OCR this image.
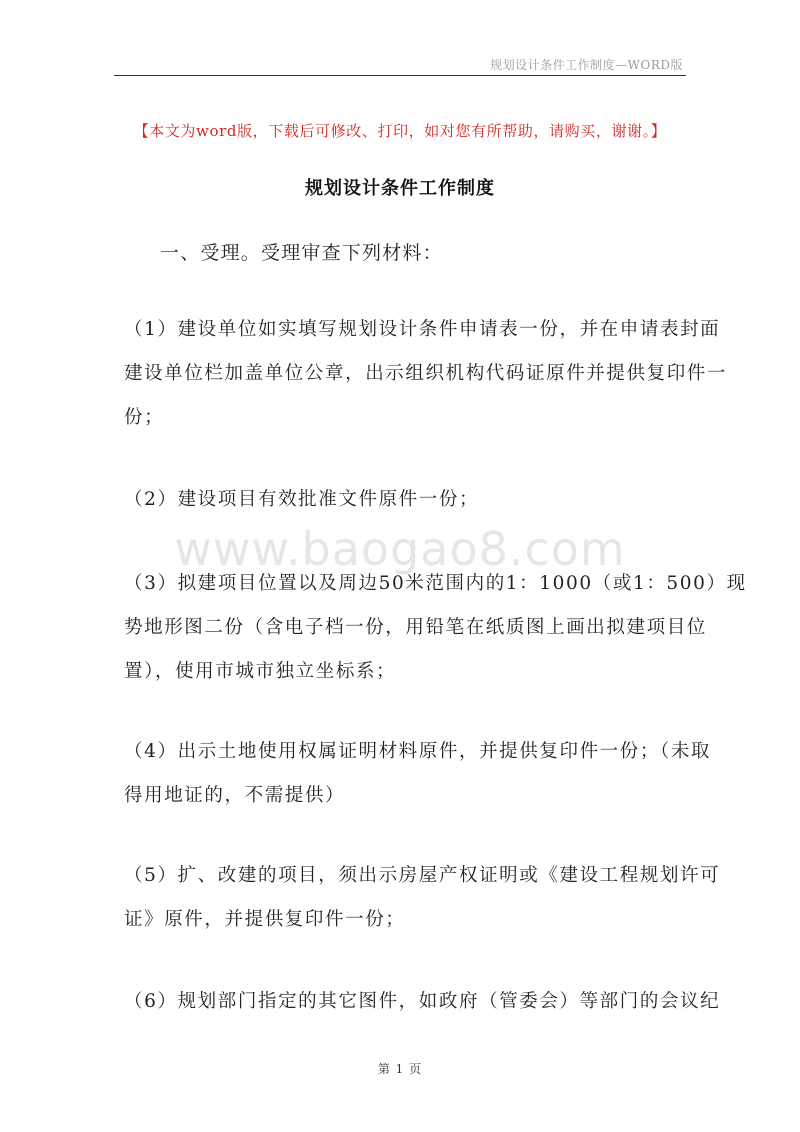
规划设计条件工作制度—WORD版
【本文为word版，下载后可修改、打印，如对您有所帮助，请购买，谢谢。】
规划设计条件工作制度
一、受理。受理审查下列材料：
（1）建设单位如实填写规划设计条件申请表一份，并在申请表封面
建设单位栏加盖单位公章，出示组织机构代码证原件并提供复印件一
份；
（2）建设项目有效批准文件原件一份；
www.baogao8.com
（3）拟建项目位置以及周边50米范围内的1：1000（或1：500）现
势地形图二份（含电子档一份，用铅笔在纸质图上画出拟建项目位
置），使用市城市独立坐标系；
（4）出示土地使用权属证明材料原件，并提供复印件一份；（未取
得用地证的，不需提供）
（5）扩、改建的项目，须出示房屋产权证明或《建设工程规划许可
证》原件，并提供复印件一份；
（6）规划部门指定的其它图件，如政府（管委会）等部门的会议纪
第 1 页
